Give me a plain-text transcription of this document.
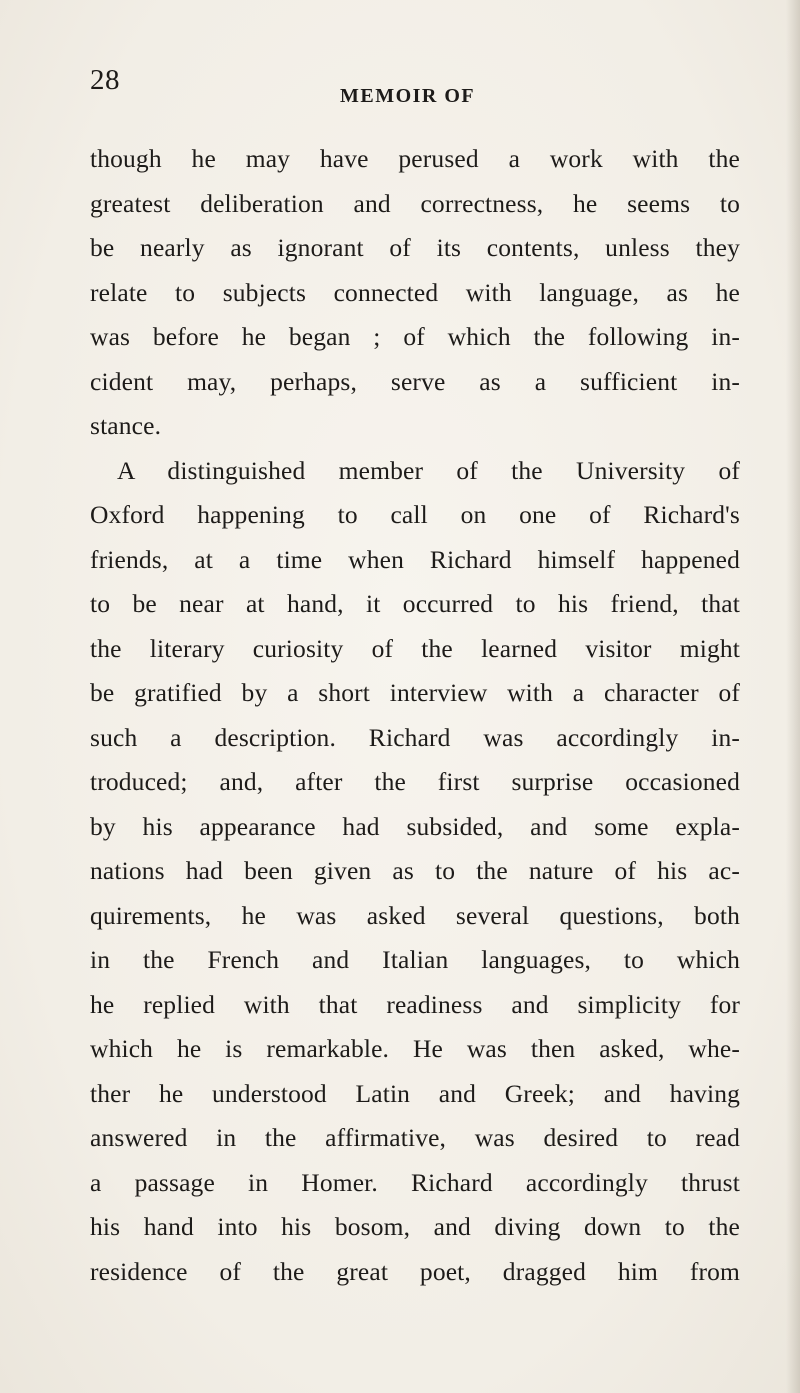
28	MEMOIR OF
though he may have perused a work with the
greatest deliberation and correctness, he seems to
be nearly as ignorant of its contents, unless they
relate to subjects connected with language, as he
was before he began ; of which the following in-
cident may, perhaps, serve as a sufficient in-
stance.
A distinguished member of the University of
Oxford happening to call on one of Richard's
friends, at a time when Richard himself happened
to be near at hand, it occurred to his friend, that
the literary curiosity of the learned visitor might
be gratified by a short interview with a character of
such a description. Richard was accordingly in-
troduced; and, after the first surprise occasioned
by his appearance had subsided, and some expla-
nations had been given as to the nature of his ac-
quirements, he was asked several questions, both
in the French and Italian languages, to which
he replied with that readiness and simplicity for
which he is remarkable. He was then asked, whe-
ther he understood Latin and Greek; and having
answered in the affirmative, was desired to read
a passage in Homer. Richard accordingly thrust
his hand into his bosom, and diving down to the
residence of the great poet, dragged him from
